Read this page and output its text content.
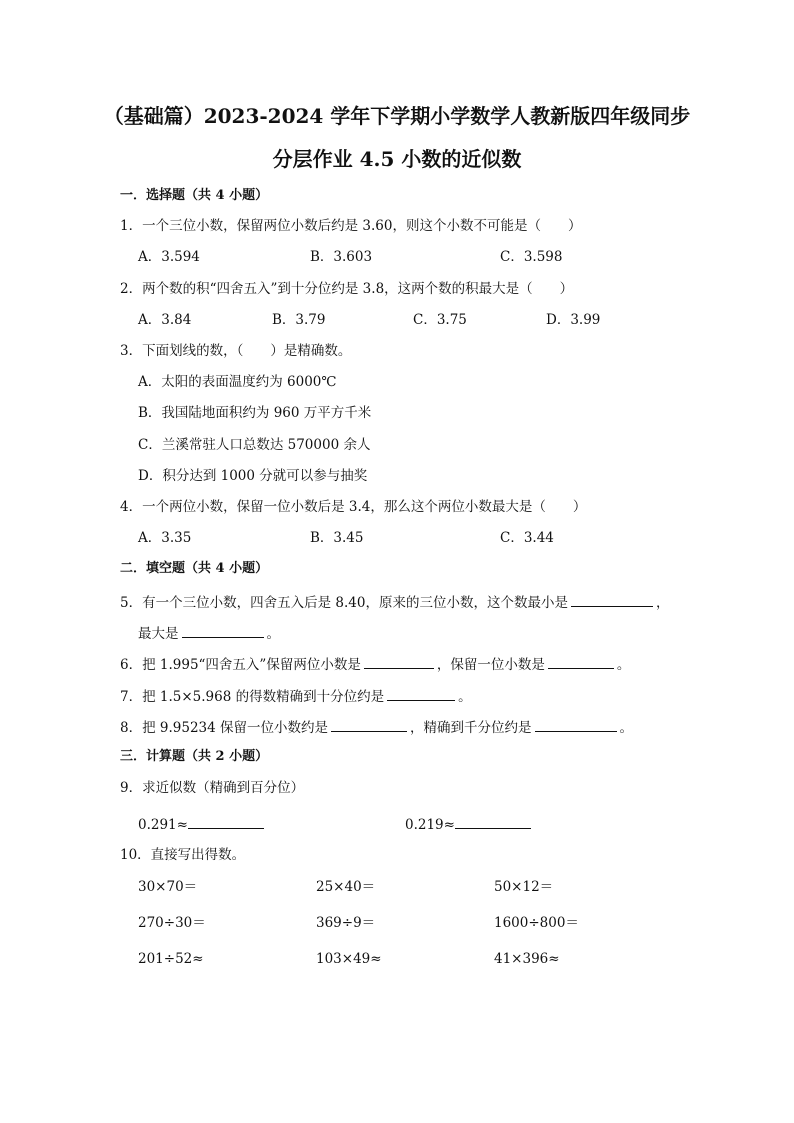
（基础篇）2023-2024 学年下学期小学数学人教新版四年级同步
分层作业 4.5 小数的近似数
一．选择题（共 4 小题）
1．一个三位小数，保留两位小数后约是 3.60，则这个小数不可能是（　　）
A．3.594	B．3.603	C．3.598
2．两个数的积“四舍五入”到十分位约是 3.8，这两个数的积最大是（　　）
A．3.84	B．3.79	C．3.75	D．3.99
3．下面划线的数，（　　）是精确数。
A．太阳的表面温度约为 6000℃
B．我国陆地面积约为 960 万平方千米
C．兰溪常驻人口总数达 570000 余人
D．积分达到 1000 分就可以参与抽奖
4．一个两位小数，保留一位小数后是 3.4，那么这个两位小数最大是（　　）
A．3.35	B．3.45	C．3.44
二．填空题（共 4 小题）
5．有一个三位小数，四舍五入后是 8.40，原来的三位小数，这个数最小是	，
最大是	。
6．把 1.995“四舍五入”保留两位小数是	，保留一位小数是	。
7．把 1.5×5.968 的得数精确到十分位约是	。
8．把 9.95234 保留一位小数约是	，精确到千分位约是	。
三．计算题（共 2 小题）
9．求近似数（精确到百分位）
0.291≈	0.219≈
10．直接写出得数。
30×70＝	25×40＝	50×12＝
270÷30＝	369÷9＝	1600÷800＝
201÷52≈	103×49≈	41×396≈
